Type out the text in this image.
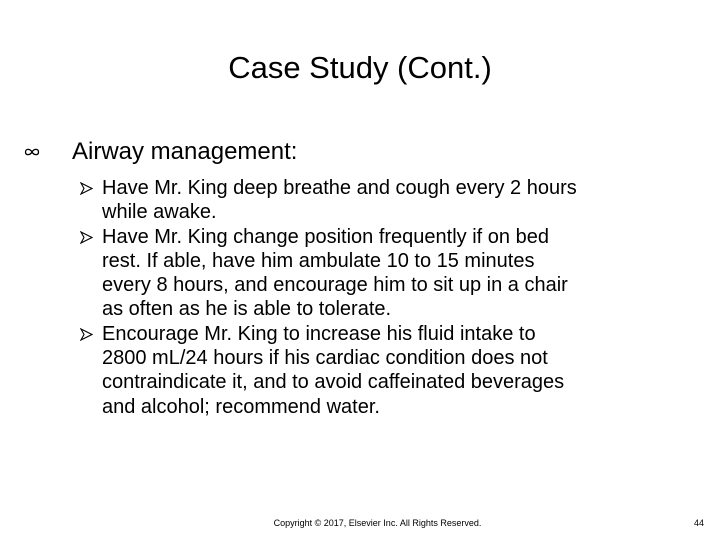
Case Study (Cont.)
Airway management:
Have Mr. King deep breathe and cough every 2 hours
while awake.
Have Mr. King change position frequently if on bed
rest. If able, have him ambulate 10 to 15 minutes
every 8 hours, and encourage him to sit up in a chair
as often as he is able to tolerate.
Encourage Mr. King to increase his fluid intake to
2800 mL/24 hours if his cardiac condition does not
contraindicate it, and to avoid caffeinated beverages
and alcohol; recommend water.
Copyright © 2017, Elsevier Inc. All Rights Reserved.	44
